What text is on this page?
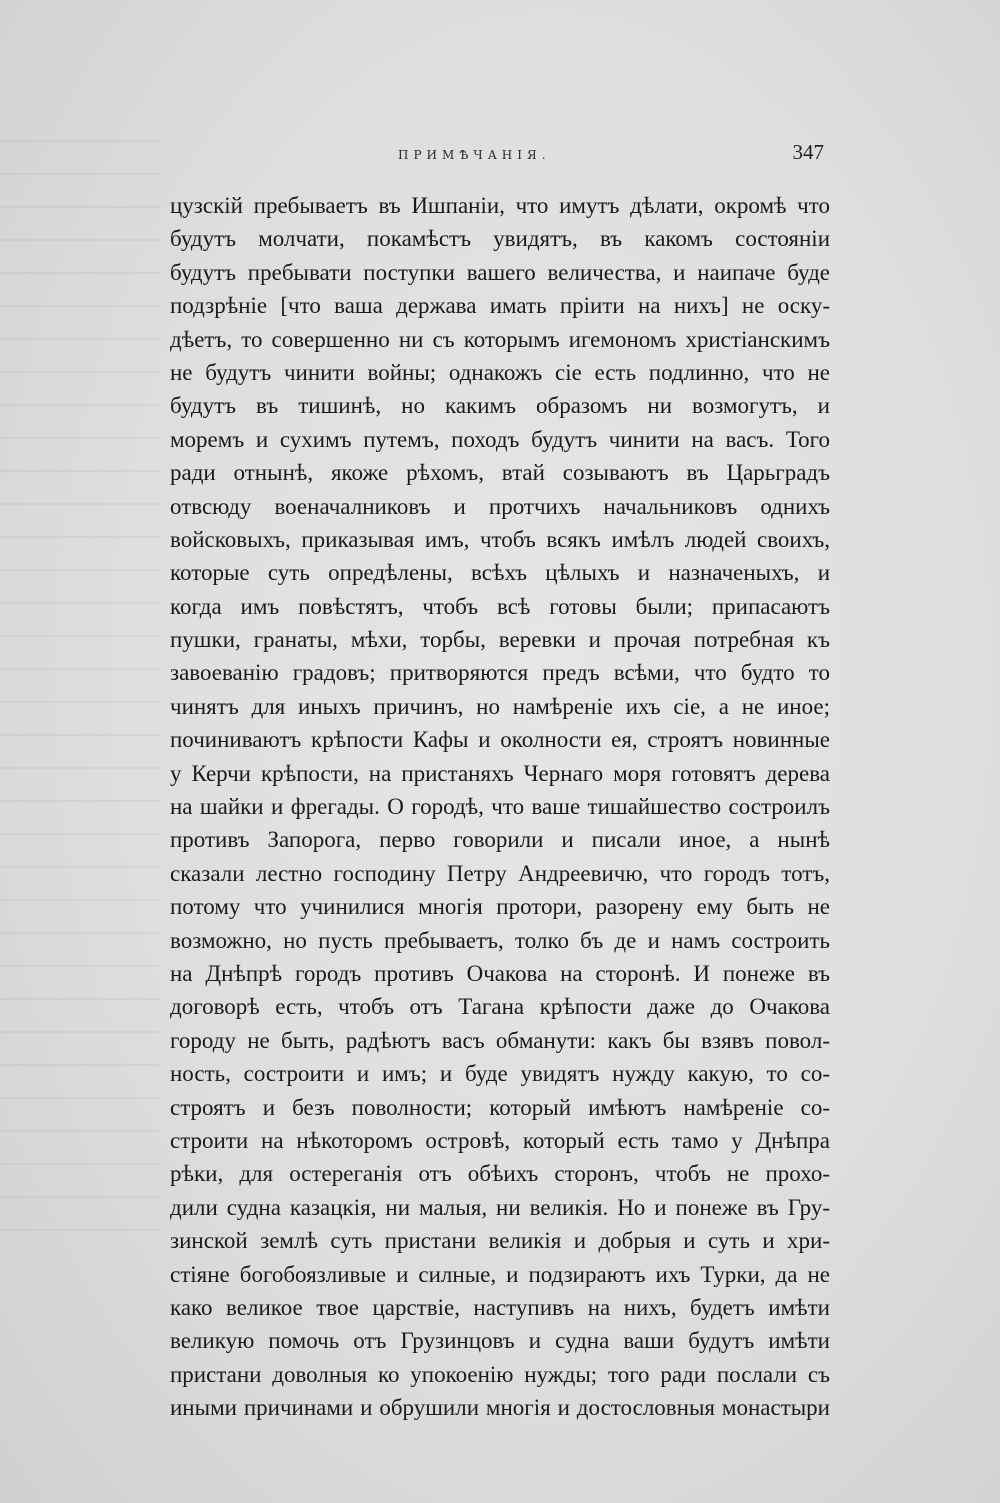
ПРИМѢЧАНІЯ.	347
цузскій пребываетъ въ Ишпаніи, что имутъ дѣлати, окромѣ что
будутъ молчати, покамѣстъ увидятъ, въ какомъ состояніи
будутъ пребывати поступки вашего величества, и наипаче буде
подзрѣніе [что ваша держава имать пріити на нихъ] не оску-
дѣетъ, то совершенно ни съ которымъ игемономъ христіанскимъ
не будутъ чинити войны; однакожъ сіе есть подлинно, что не
будутъ въ тишинѣ, но какимъ образомъ ни возмогутъ, и
моремъ и сухимъ путемъ, походъ будутъ чинити на васъ. Того
ради отнынѣ, якоже рѣхомъ, втай созываютъ въ Царьградъ
отвсюду военачалниковъ и протчихъ начальниковъ однихъ
войсковыхъ, приказывая имъ, чтобъ всякъ имѣлъ людей своихъ,
которые суть опредѣлены, всѣхъ цѣлыхъ и назначеныхъ, и
когда имъ повѣстятъ, чтобъ всѣ готовы были; припасаютъ
пушки, гранаты, мѣхи, торбы, веревки и прочая потребная къ
завоеванію градовъ; притворяются предъ всѣми, что будто то
чинятъ для иныхъ причинъ, но намѣреніе ихъ сіе, а не иное;
починиваютъ крѣпости Кафы и околности ея, строятъ новинные
у Керчи крѣпости, на пристаняхъ Чернаго моря готовятъ дерева
на шайки и фрегады. О городѣ, что ваше тишайшество состроилъ
противъ Запорога, перво говорили и писали иное, а нынѣ
сказали лестно господину Петру Андреевичю, что городъ тотъ,
потому что учинилися многія протори, разорену ему быть не
возможно, но пусть пребываетъ, толко бъ де и намъ состроить
на Днѣпрѣ городъ противъ Очакова на сторонѣ. И понеже въ
договорѣ есть, чтобъ отъ Тагана крѣпости даже до Очакова
городу не быть, радѣютъ васъ обманути: какъ бы взявъ повол-
ность, состроити и имъ; и буде увидятъ нужду какую, то со-
строятъ и безъ поволности; который имѣютъ намѣреніе со-
строити на нѣкоторомъ островѣ, который есть тамо у Днѣпра
рѣки, для остереганія отъ обѣихъ сторонъ, чтобъ не прохо-
дили судна казацкія, ни малыя, ни великія. Но и понеже въ Гру-
зинской землѣ суть пристани великія и добрыя и суть и хри-
стіяне богобоязливые и силные, и подзираютъ ихъ Турки, да не
како великое твое царствіе, наступивъ на нихъ, будетъ имѣти
великую помочь отъ Грузинцовъ и судна ваши будутъ имѣти
пристани доволныя ко упокоенію нужды; того ради послали съ
иными причинами и обрушили многія и достословныя монастыри
